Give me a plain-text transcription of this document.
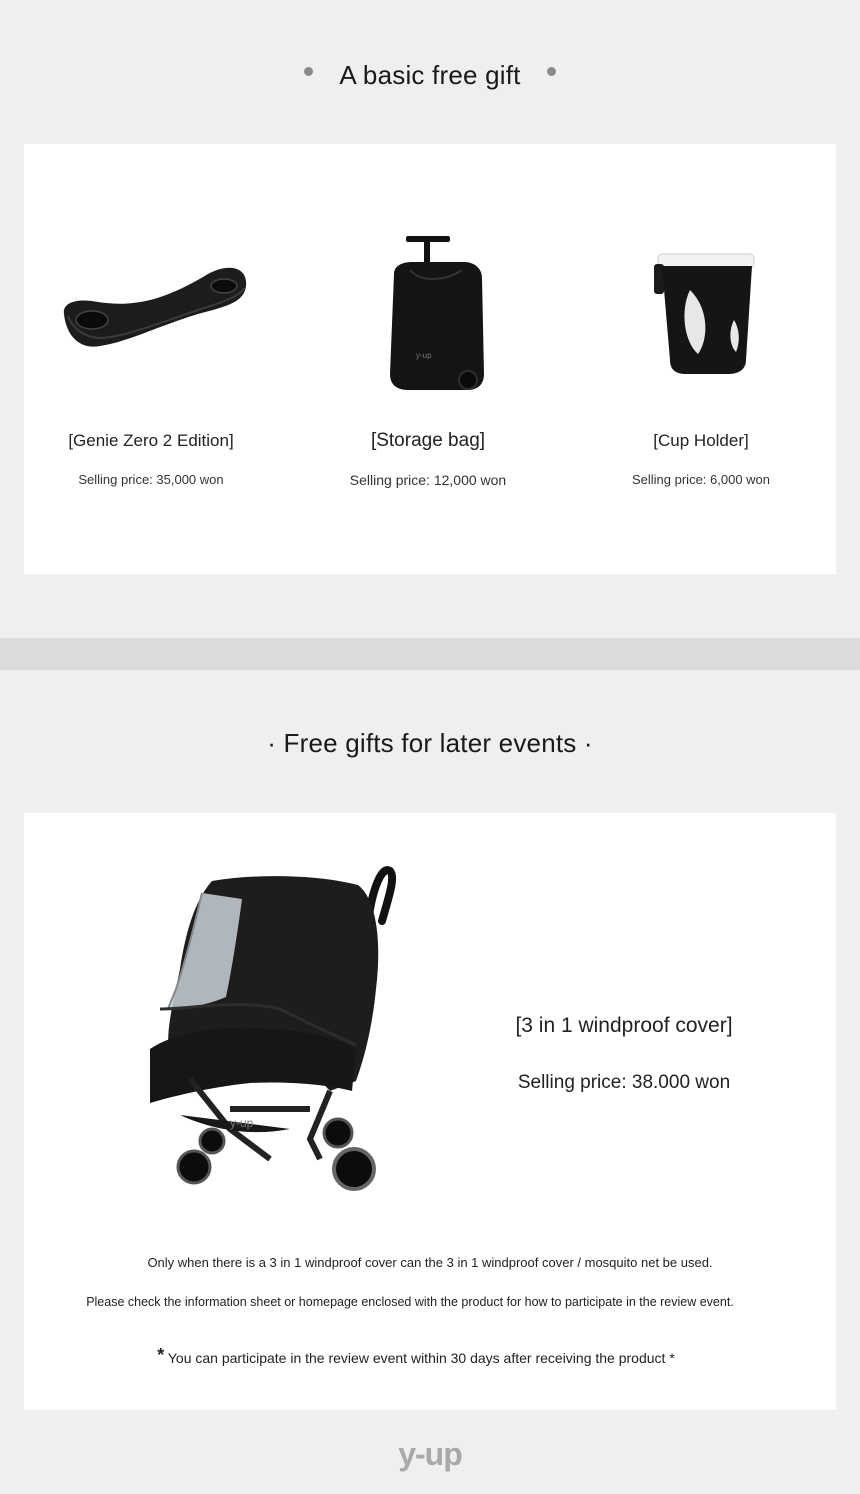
A basic free gift
y-up
[Genie Zero 2 Edition]
Selling price: 35,000 won
[Storage bag]
Selling price: 12,000 won
[Cup Holder]
Selling price: 6,000 won
· Free gifts for later events ·
y-up
[3 in 1 windproof cover]
Selling price: 38.000 won
Only when there is a 3 in 1 windproof cover can the 3 in 1 windproof cover / mosquito net be used.
Please check the information sheet or homepage enclosed with the product for how to participate in the review event.
* You can participate in the review event within 30 days after receiving the product *
y-up
